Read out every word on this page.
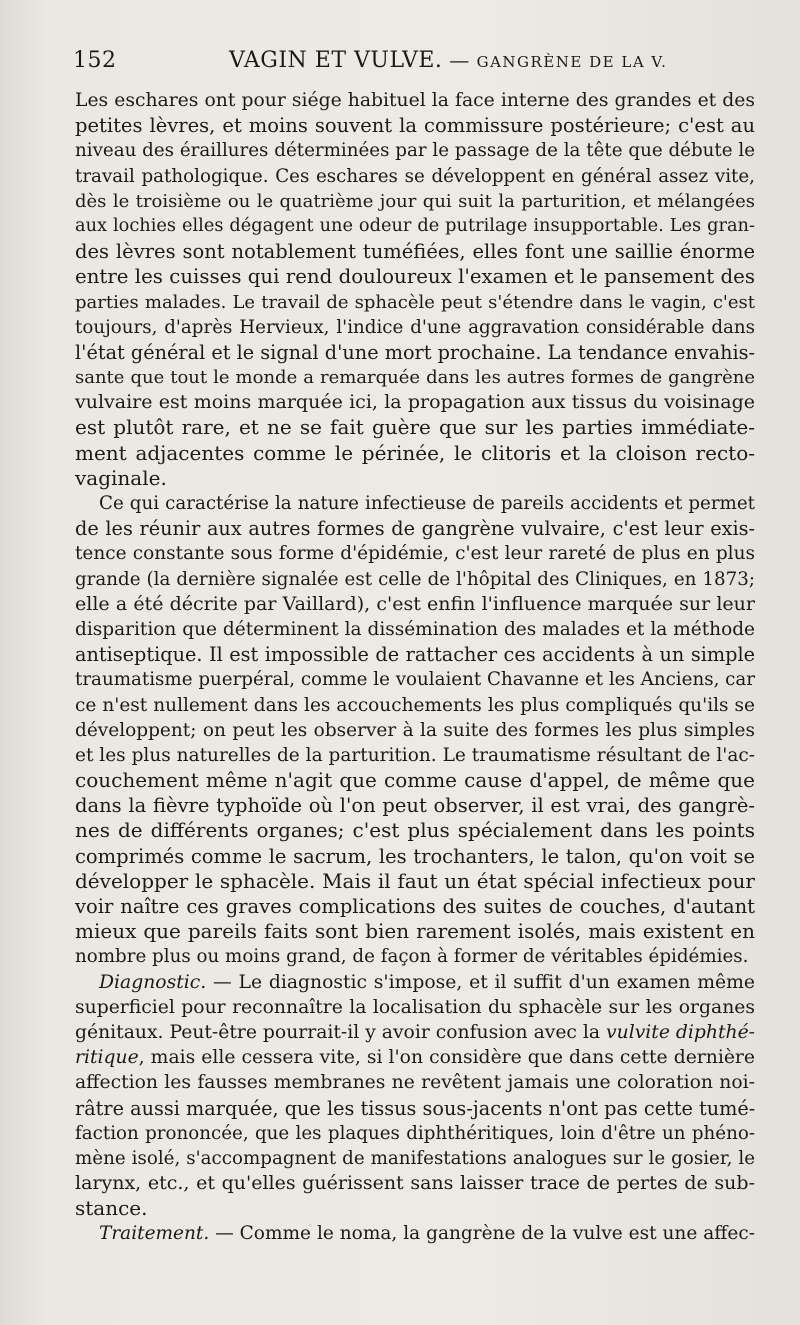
152	VAGIN ET VULVE. — GANGRÈNE DE LA V.
Les eschares ont pour siége habituel la face interne des grandes et des
petites lèvres, et moins souvent la commissure postérieure; c'est au
niveau des éraillures déterminées par le passage de la tête que débute le
travail pathologique. Ces eschares se développent en général assez vite,
dès le troisième ou le quatrième jour qui suit la parturition, et mélangées
aux lochies elles dégagent une odeur de putrilage insupportable. Les gran-
des lèvres sont notablement tuméfiées, elles font une saillie énorme
entre les cuisses qui rend douloureux l'examen et le pansement des
parties malades. Le travail de sphacèle peut s'étendre dans le vagin, c'est
toujours, d'après Hervieux, l'indice d'une aggravation considérable dans
l'état général et le signal d'une mort prochaine. La tendance envahis-
sante que tout le monde a remarquée dans les autres formes de gangrène
vulvaire est moins marquée ici, la propagation aux tissus du voisinage
est plutôt rare, et ne se fait guère que sur les parties immédiate-
ment adjacentes comme le périnée, le clitoris et la cloison recto-
vaginale.
Ce qui caractérise la nature infectieuse de pareils accidents et permet
de les réunir aux autres formes de gangrène vulvaire, c'est leur exis-
tence constante sous forme d'épidémie, c'est leur rareté de plus en plus
grande (la dernière signalée est celle de l'hôpital des Cliniques, en 1873;
elle a été décrite par Vaillard), c'est enfin l'influence marquée sur leur
disparition que déterminent la dissémination des malades et la méthode
antiseptique. Il est impossible de rattacher ces accidents à un simple
traumatisme puerpéral, comme le voulaient Chavanne et les Anciens, car
ce n'est nullement dans les accouchements les plus compliqués qu'ils se
développent; on peut les observer à la suite des formes les plus simples
et les plus naturelles de la parturition. Le traumatisme résultant de l'ac-
couchement même n'agit que comme cause d'appel, de même que
dans la fièvre typhoïde où l'on peut observer, il est vrai, des gangrè-
nes de différents organes; c'est plus spécialement dans les points
comprimés comme le sacrum, les trochanters, le talon, qu'on voit se
développer le sphacèle. Mais il faut un état spécial infectieux pour
voir naître ces graves complications des suites de couches, d'autant
mieux que pareils faits sont bien rarement isolés, mais existent en
nombre plus ou moins grand, de façon à former de véritables épidémies.
Diagnostic. — Le diagnostic s'impose, et il suffit d'un examen même
superficiel pour reconnaître la localisation du sphacèle sur les organes
génitaux. Peut-être pourrait-il y avoir confusion avec la vulvite diphthé-
ritique, mais elle cessera vite, si l'on considère que dans cette dernière
affection les fausses membranes ne revêtent jamais une coloration noi-
râtre aussi marquée, que les tissus sous-jacents n'ont pas cette tumé-
faction prononcée, que les plaques diphthéritiques, loin d'être un phéno-
mène isolé, s'accompagnent de manifestations analogues sur le gosier, le
larynx, etc., et qu'elles guérissent sans laisser trace de pertes de sub-
stance.
Traitement. — Comme le noma, la gangrène de la vulve est une affec-
